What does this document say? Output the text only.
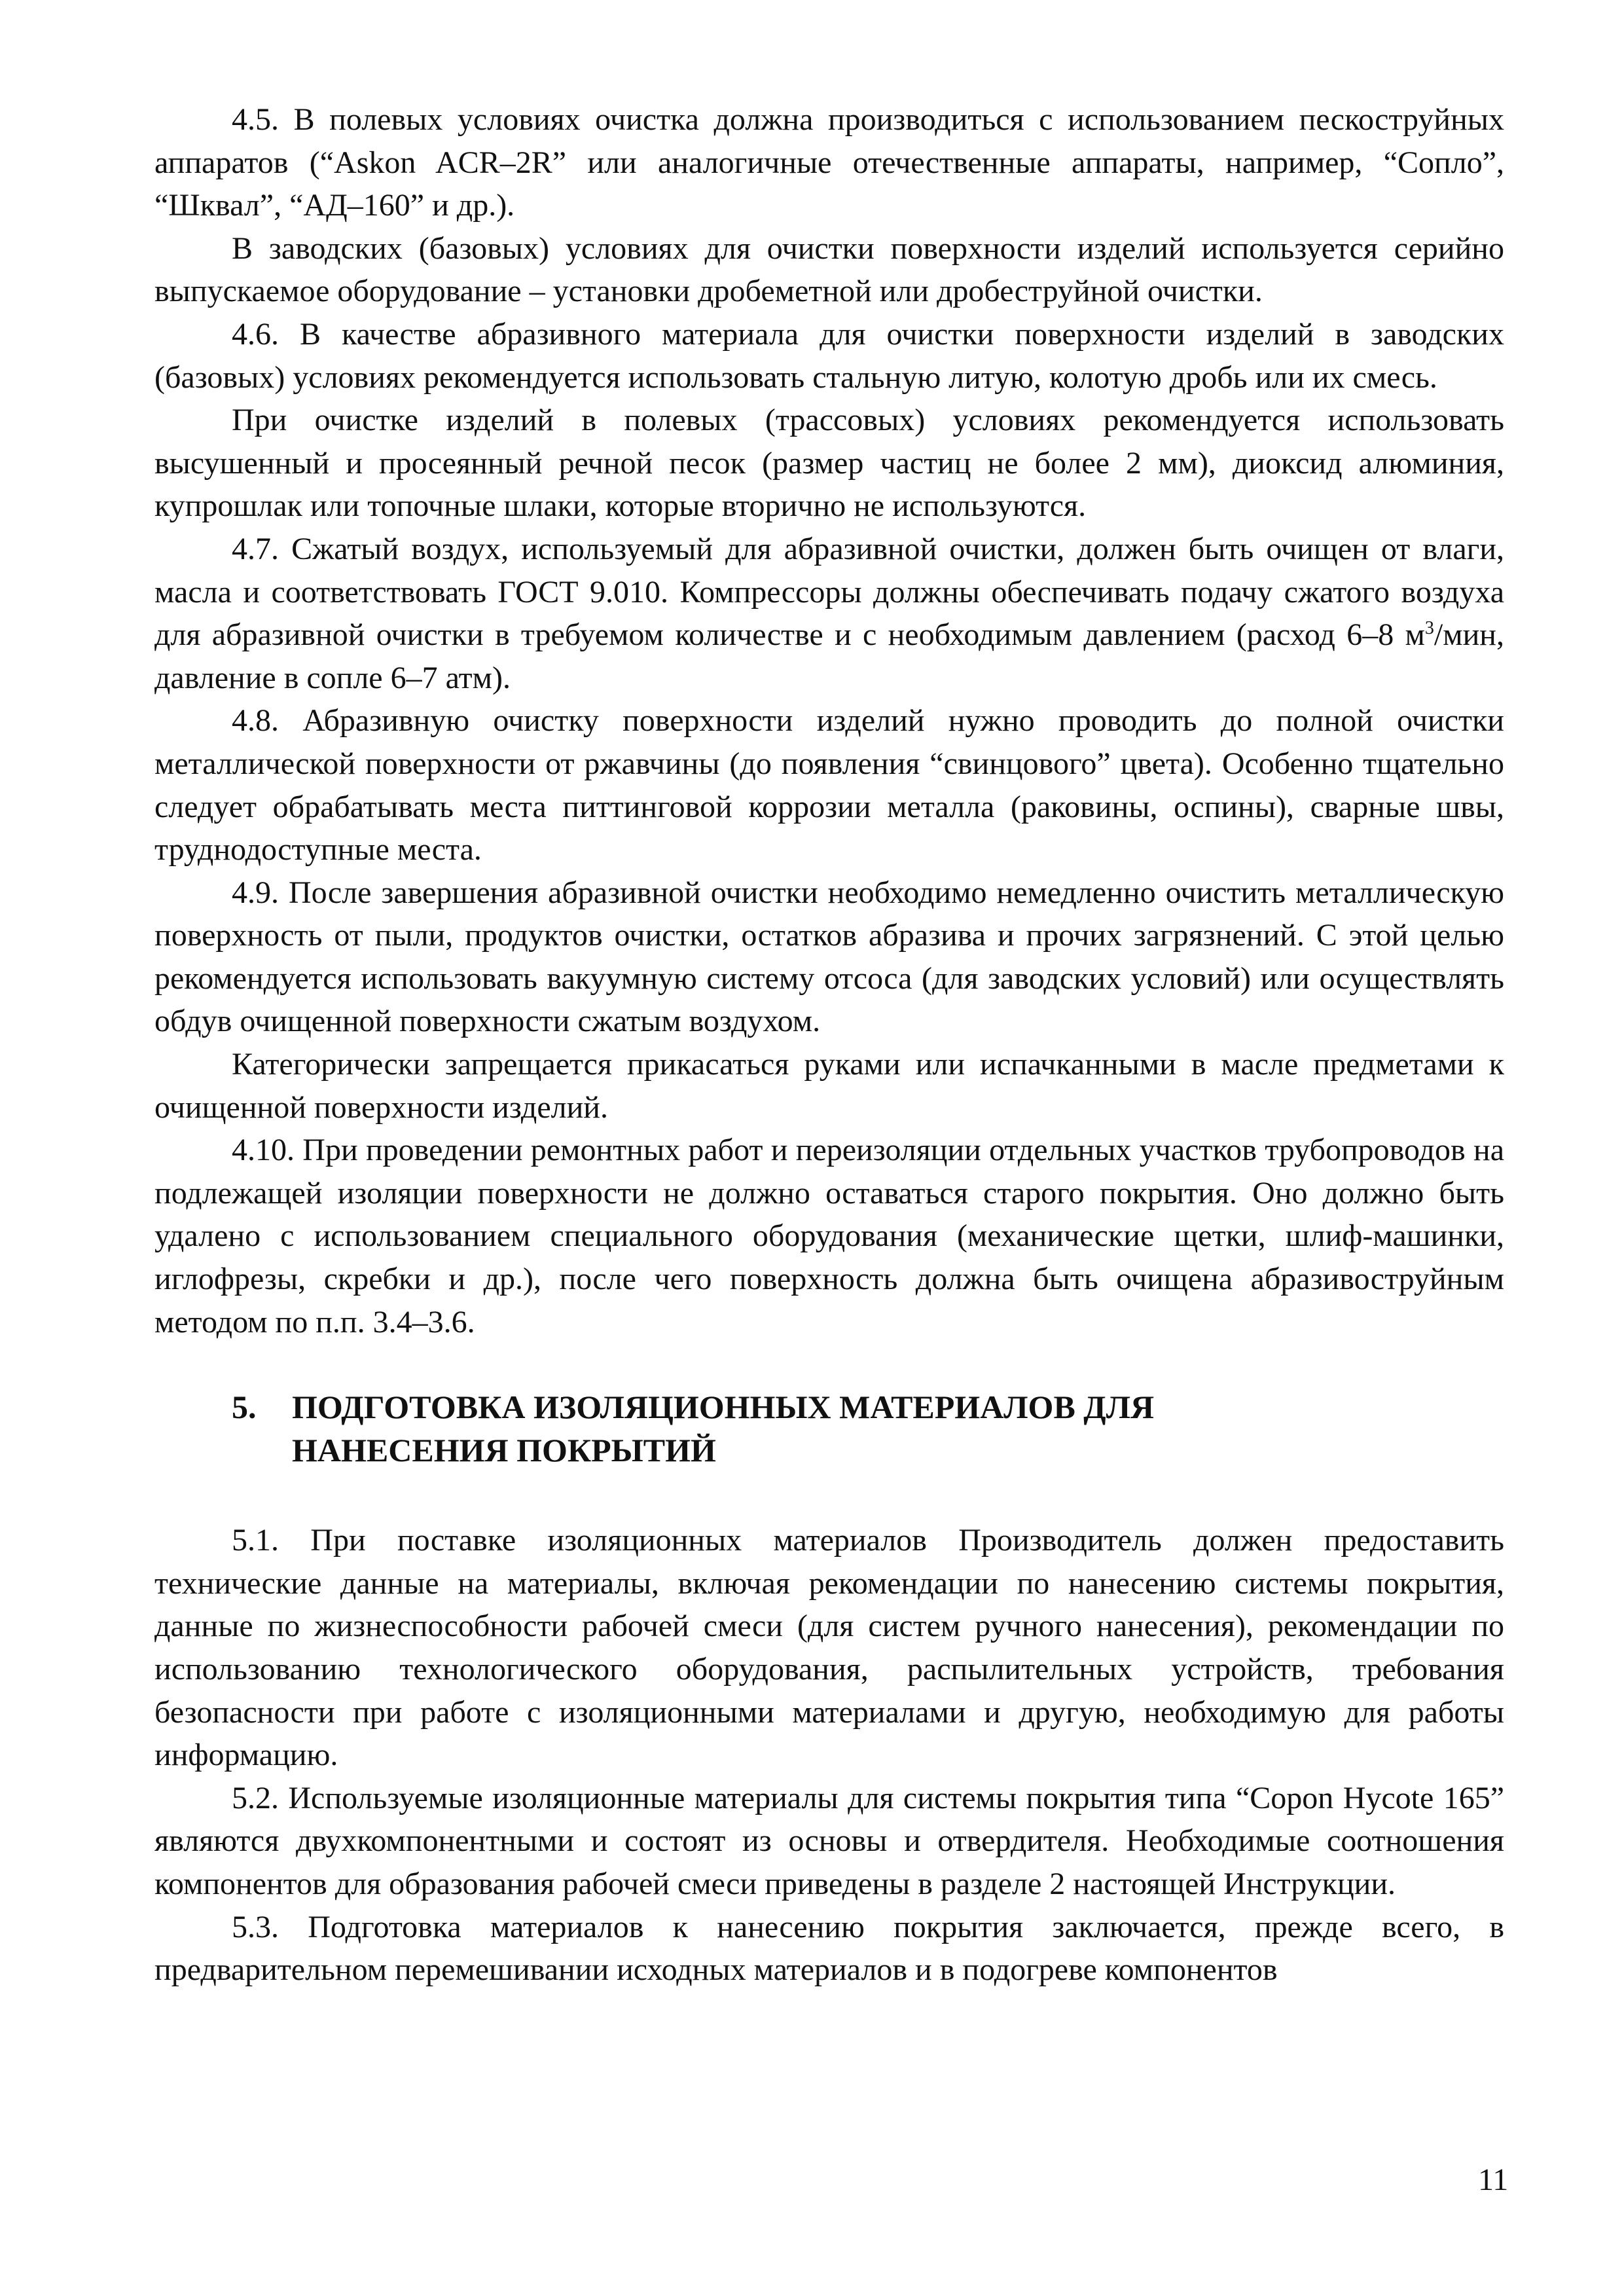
4.5. В полевых условиях очистка должна производиться с использованием пескоструйных аппаратов (“Askon ACR–2R” или аналогичные отечественные аппараты, например, “Сопло”, “Шквал”, “АД–160” и др.).

В заводских (базовых) условиях для очистки поверхности изделий используется серийно выпускаемое оборудование – установки дробеметной или дробеструйной очистки.

4.6. В качестве абразивного материала для очистки поверхности изделий в заводских (базовых) условиях рекомендуется использовать стальную литую, колотую дробь или их смесь.

При очистке изделий в полевых (трассовых) условиях рекомендуется использовать высушенный и просеянный речной песок (размер частиц не более 2 мм), диоксид алюминия, купрошлак или топочные шлаки, которые вторично не используются.

4.7. Сжатый воздух, используемый для абразивной очистки, должен быть очищен от влаги, масла и соответствовать ГОСТ 9.010. Компрессоры должны обеспечивать подачу сжатого воздуха для абразивной очистки в требуемом количестве и с необходимым давлением (расход 6–8 $м^3$/мин, давление в сопле 6–7 атм).

4.8. Абразивную очистку поверхности изделий нужно проводить до полной очистки металлической поверхности от ржавчины (до появления “свинцового” цвета). Особенно тщательно следует обрабатывать места питтинговой коррозии металла (раковины, оспины), сварные швы, труднодоступные места.

4.9. После завершения абразивной очистки необходимо немедленно очистить металлическую поверхность от пыли, продуктов очистки, остатков абразива и прочих загрязнений. С этой целью рекомендуется использовать вакуумную систему отсоса (для заводских условий) или осуществлять обдув очищенной поверхности сжатым воздухом.

Категорически запрещается прикасаться руками или испачканными в масле предметами к очищенной поверхности изделий.

4.10. При проведении ремонтных работ и переизоляции отдельных участков трубопроводов на подлежащей изоляции поверхности не должно оставаться старого покрытия. Оно должно быть удалено с использованием специального оборудования (механические щетки, шлиф-машинки, иглофрезы, скребки и др.), после чего поверхность должна быть очищена абразивоструйным методом по п.п. 3.4–3.6.

5.	ПОДГОТОВКА ИЗОЛЯЦИОННЫХ МАТЕРИАЛОВ ДЛЯ
НАНЕСЕНИЯ ПОКРЫТИЙ

5.1. При поставке изоляционных материалов Производитель должен предоставить технические данные на материалы, включая рекомендации по нанесению системы покрытия, данные по жизнеспособности рабочей смеси (для систем ручного нанесения), рекомендации по использованию технологического оборудования, распылительных устройств, требования безопасности при работе с изоляционными материалами и другую, необходимую для работы информацию.

5.2. Используемые изоляционные материалы для системы покрытия типа “Copon Hycote 165” являются двухкомпонентными и состоят из основы и отвердителя. Необходимые соотношения компонентов для образования рабочей смеси приведены в разделе 2 настоящей Инструкции.

5.3. Подготовка материалов к нанесению покрытия заключается, прежде всего, в предварительном перемешивании исходных материалов и в подогреве компонентов

11
